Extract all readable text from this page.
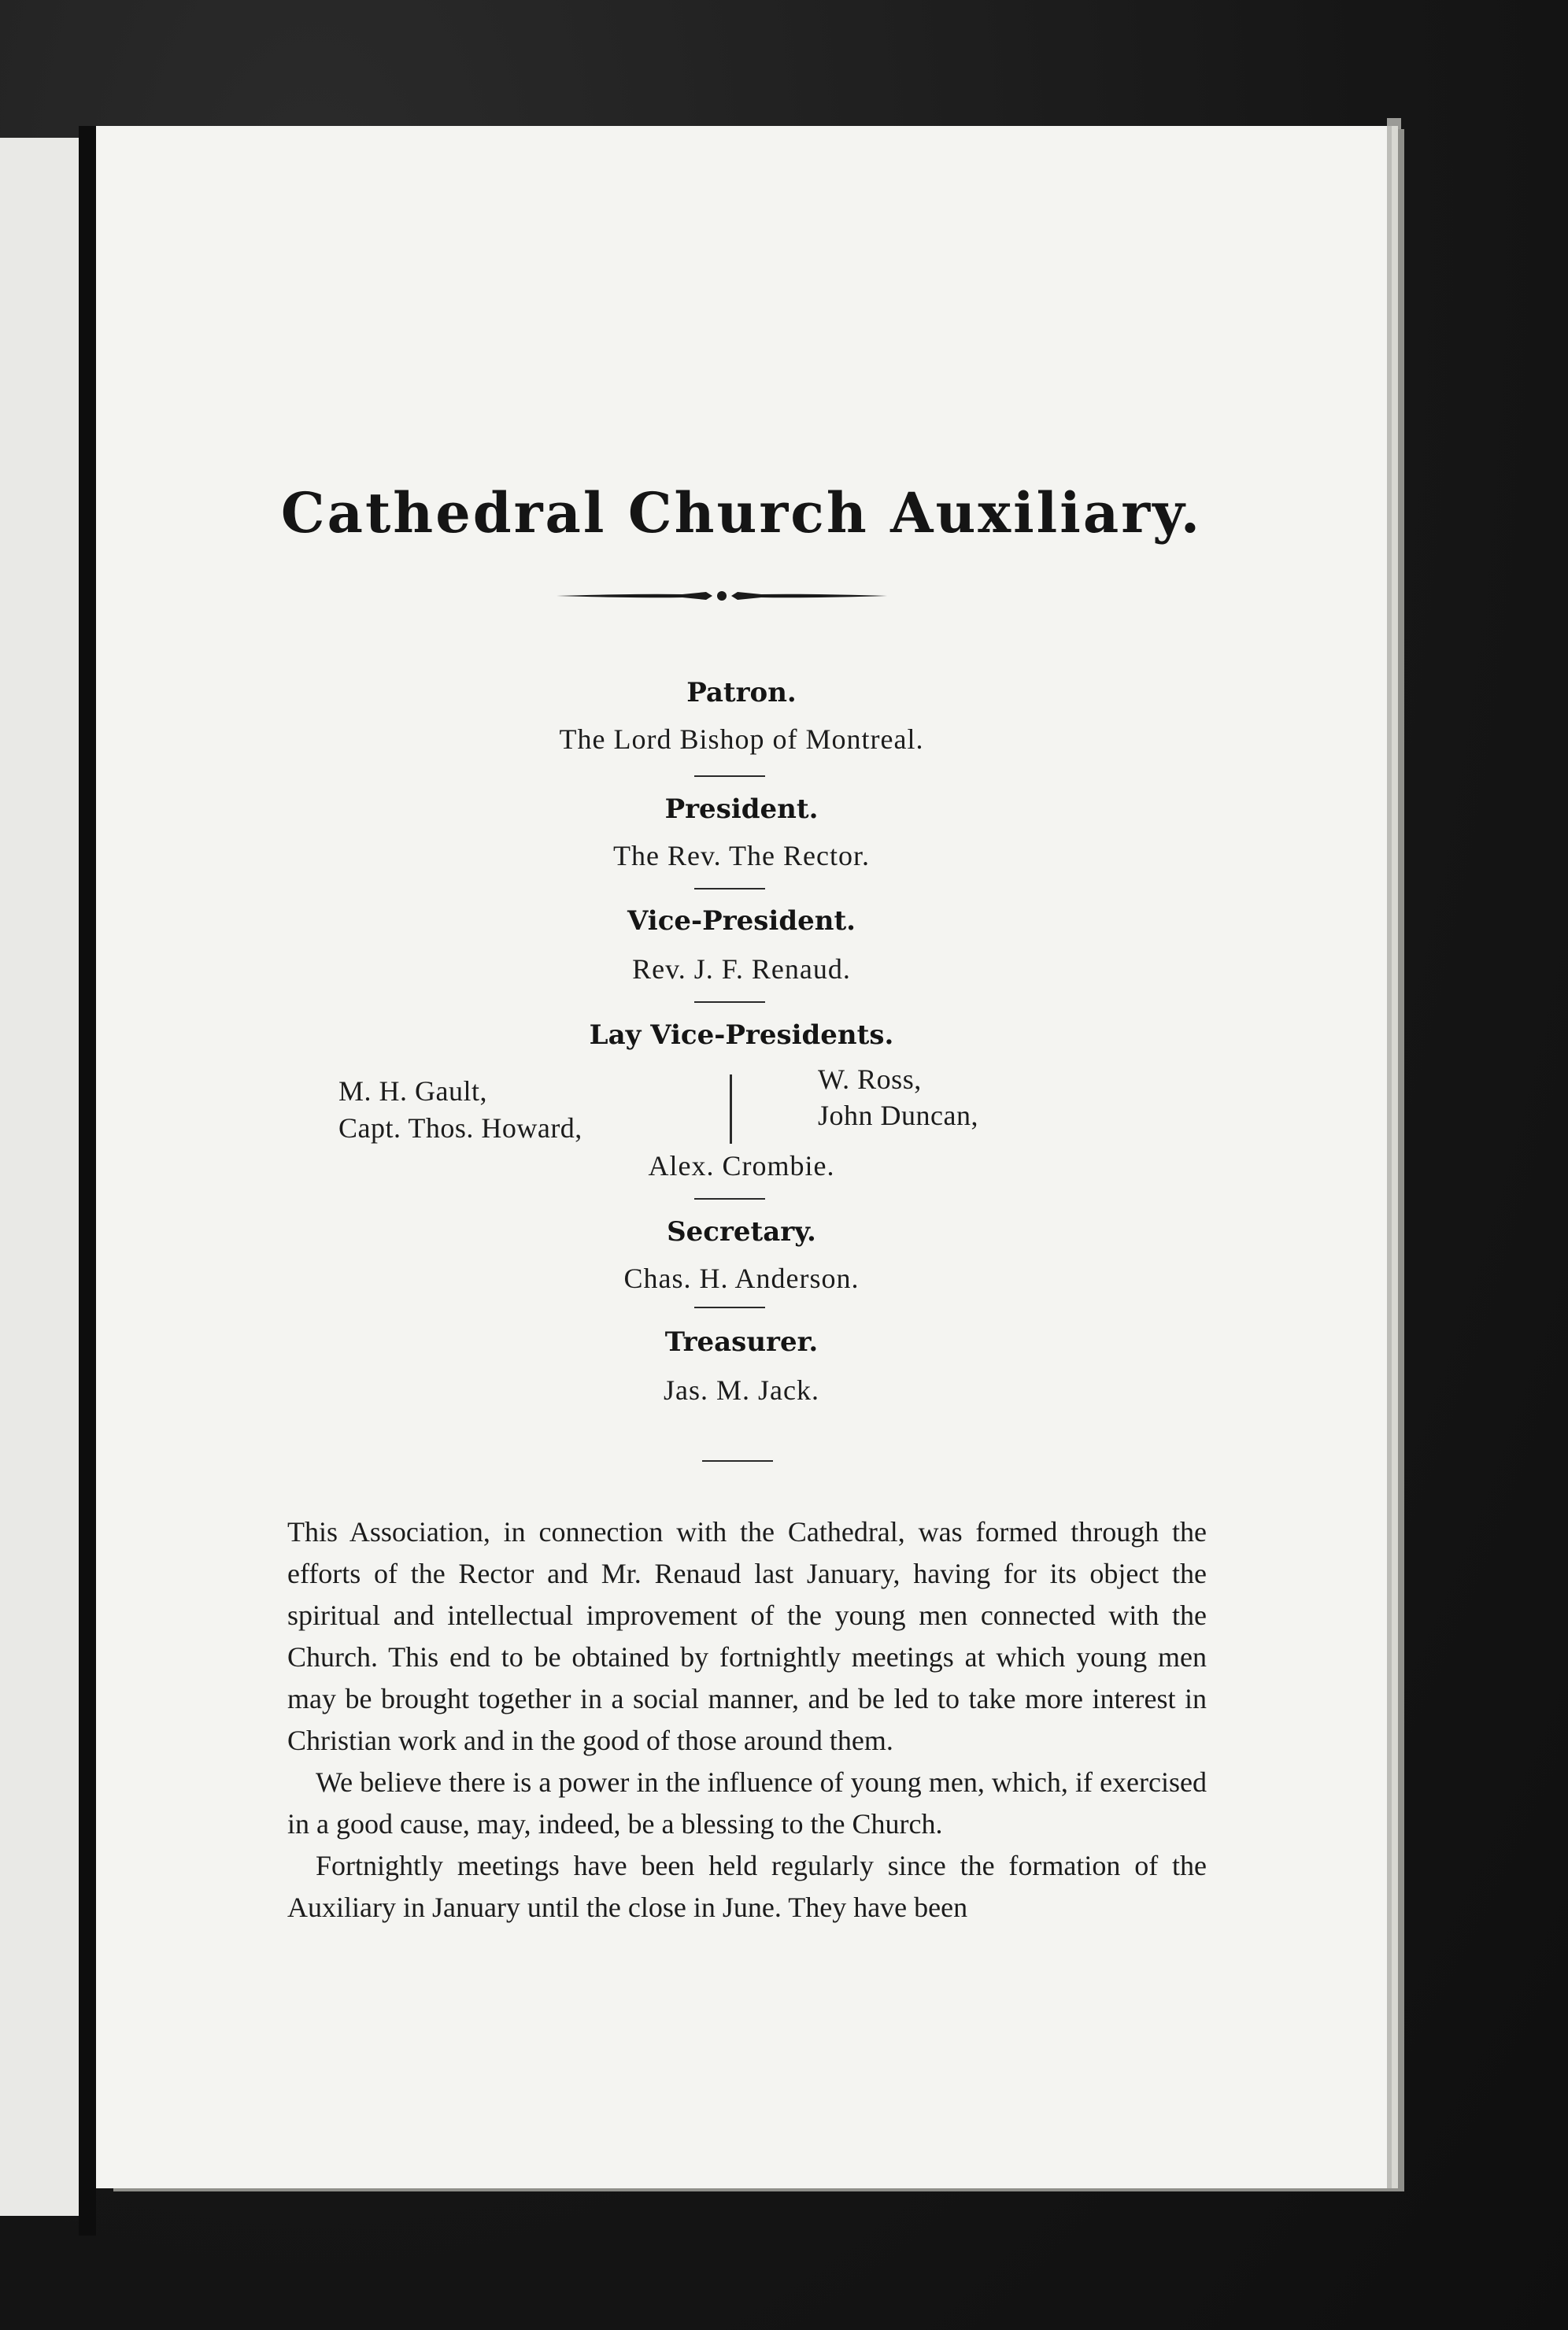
Cathedral Church Auxiliary.
Patron.
The Lord Bishop of Montreal.
President.
The Rev. The Rector.
Vice-President.
Rev. J. F. Renaud.
Lay Vice-Presidents.
M. H. Gault,
Capt. Thos. Howard,
W. Ross,
John Duncan,
Alex. Crombie.
Secretary.
Chas. H. Anderson.
Treasurer.
Jas. M. Jack.

This Association, in connection with the Cathedral, was formed through the efforts of the Rector and Mr. Renaud last January, having for its object the spiritual and intellectual improvement of the young men connected with the Church. This end to be obtained by fortnightly meetings at which young men may be brought together in a social manner, and be led to take more interest in Christian work and in the good of those around them.

We believe there is a power in the influence of young men, which, if exercised in a good cause, may, indeed, be a blessing to the Church.

Fortnightly meetings have been held regularly since the formation of the Auxiliary in January until the close in June. They have been
